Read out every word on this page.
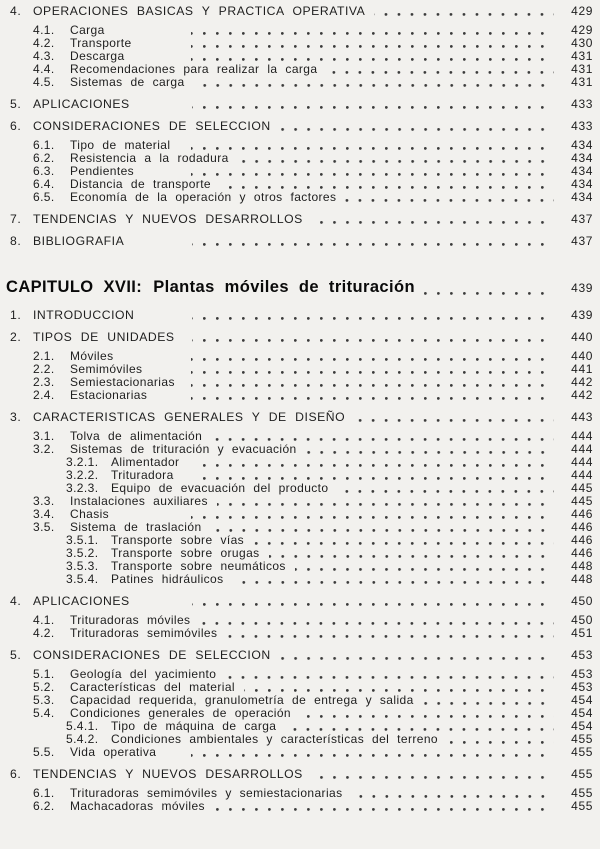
4. OPERACIONES BASICAS Y PRACTICA OPERATIVA	429
4.1.	Carga	429
4.2.	Transporte	430
4.3.	Descarga	431
4.4.	Recomendaciones para realizar la carga	431
4.5.	Sistemas de carga	431
5. APLICACIONES	433
6. CONSIDERACIONES DE SELECCION	433
6.1.	Tipo de material	434
6.2.	Resistencia a la rodadura	434
6.3.	Pendientes	434
6.4.	Distancia de transporte	434
6.5.	Economía de la operación y otros factores	434
7. TENDENCIAS Y NUEVOS DESARROLLOS	437
8. BIBLIOGRAFIA	437
CAPITULO XVII: Plantas móviles de trituración	439
1. INTRODUCCION	439
2. TIPOS DE UNIDADES	440
2.1.	Móviles	440
2.2.	Semimóviles	441
2.3.	Semiestacionarias	442
2.4.	Estacionarias	442
3. CARACTERISTICAS GENERALES Y DE DISEÑO	443
3.1.	Tolva de alimentación	444
3.2.	Sistemas de trituración y evacuación	444
3.2.1.	Alimentador	444
3.2.2.	Trituradora	444
3.2.3.	Equipo de evacuación del producto	445
3.3.	Instalaciones auxiliares	445
3.4.	Chasis	446
3.5.	Sistema de traslación	446
3.5.1.	Transporte sobre vías	446
3.5.2.	Transporte sobre orugas	446
3.5.3.	Transporte sobre neumáticos	448
3.5.4.	Patines hidráulicos	448
4. APLICACIONES	450
4.1.	Trituradoras móviles	450
4.2.	Trituradoras semimóviles	451
5. CONSIDERACIONES DE SELECCION	453
5.1.	Geología del yacimiento	453
5.2.	Características del material	453
5.3.	Capacidad requerida, granulometría de entrega y salida	454
5.4.	Condiciones generales de operación	454
5.4.1.	Tipo de máquina de carga	454
5.4.2.	Condiciones ambientales y características del terreno	455
5.5.	Vida operativa	455
6. TENDENCIAS Y NUEVOS DESARROLLOS	455
6.1.	Trituradoras semimóviles y semiestacionarias	455
6.2.	Machacadoras móviles	455
